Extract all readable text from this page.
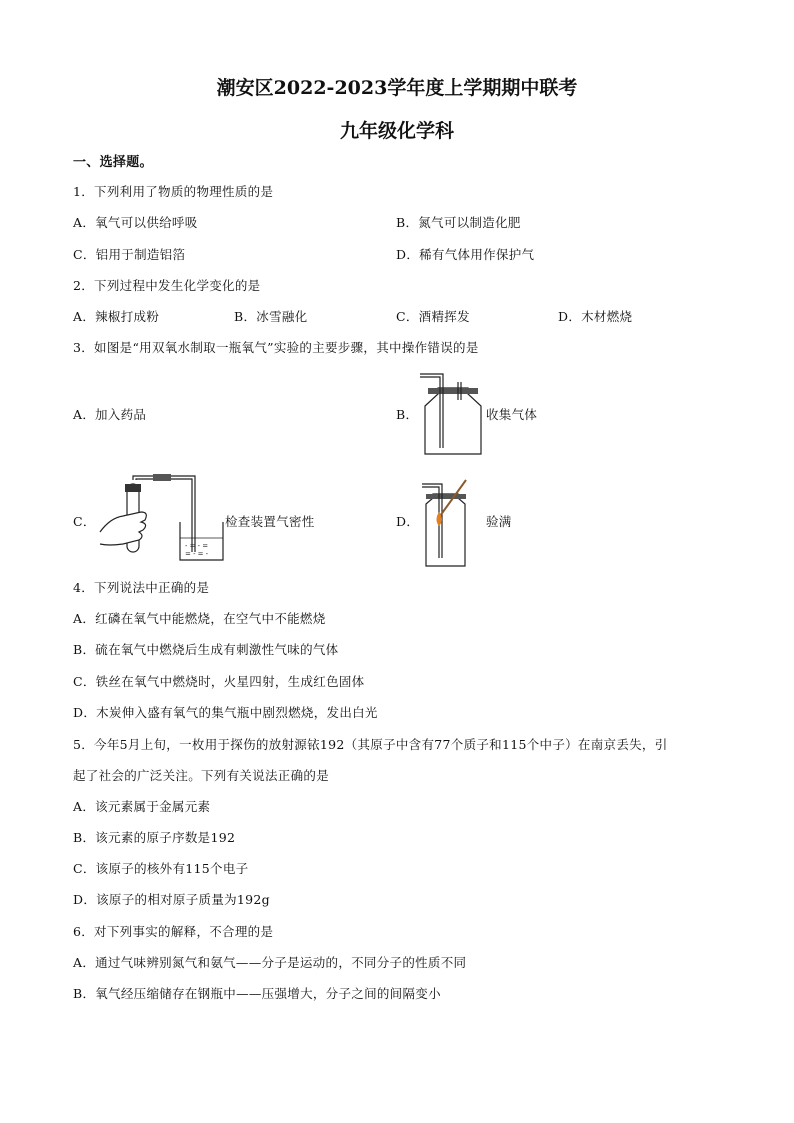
潮安区2022-2023学年度上学期期中联考
九年级化学科
一、选择题。
1．下列利用了物质的物理性质的是
A．氧气可以供给呼吸	B．氮气可以制造化肥
C．铝用于制造铝箔	D．稀有气体用作保护气
2．下列过程中发生化学变化的是
A．辣椒打成粉	B．冰雪融化	C．酒精挥发	D．木材燃烧
3．如图是“用双氧水制取一瓶氧气”实验的主要步骤，其中操作错误的是
A． 加入药品	B．	收集气体
C．
- = - =
= - = -
检查装置气密性	D．	验满
4．下列说法中正确的是
A．红磷在氧气中能燃烧，在空气中不能燃烧
B．硫在氧气中燃烧后生成有刺激性气味的气体
C．铁丝在氧气中燃烧时，火星四射，生成红色固体
D．木炭伸入盛有氧气的集气瓶中剧烈燃烧，发出白光
5．今年5月上旬，一枚用于探伤的放射源铱192（其原子中含有77个质子和115个中子）在南京丢失，引
起了社会的广泛关注。下列有关说法正确的是
A．该元素属于金属元素
B．该元素的原子序数是192
C．该原子的核外有115个电子
D．该原子的相对原子质量为192g
6．对下列事实的解释，不合理的是
A．通过气味辨别氮气和氨气——分子是运动的，不同分子的性质不同
B．氧气经压缩储存在钢瓶中——压强增大，分子之间的间隔变小
